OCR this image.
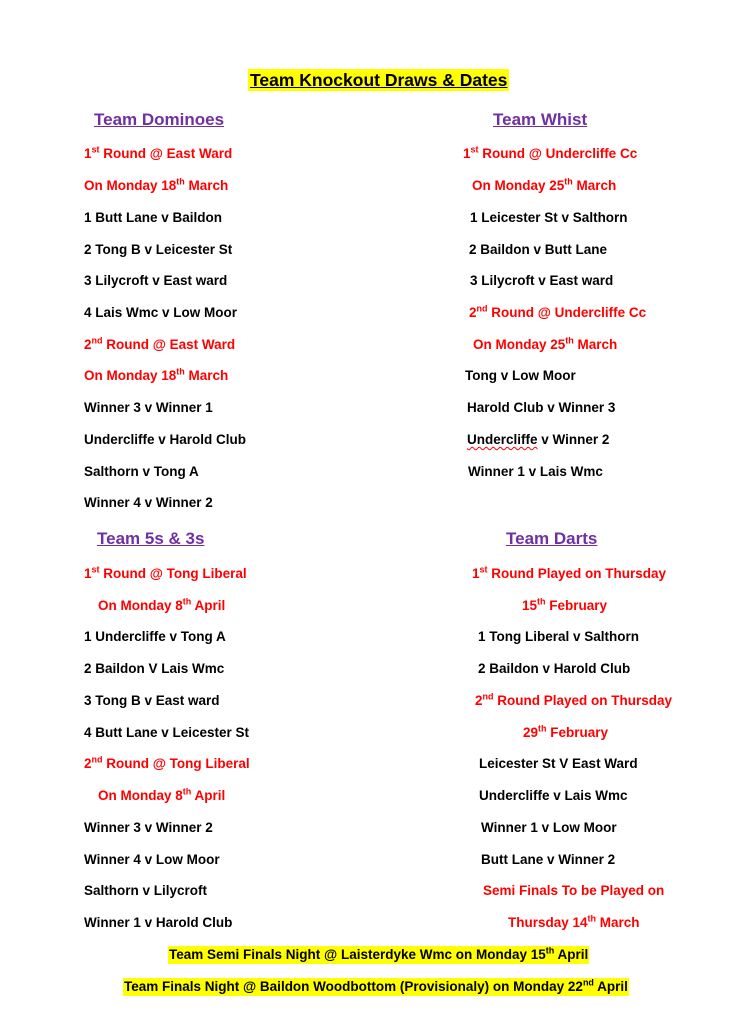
Team Knockout Draws & Dates
Team Dominoes
1st Round @ East Ward
On Monday 18th March
1 Butt Lane v Baildon
2 Tong B v Leicester St
3 Lilycroft v East ward
4 Lais Wmc v Low Moor
2nd Round @ East Ward
On Monday 18th March
Winner 3 v Winner 1
Undercliffe v Harold Club
Salthorn v Tong A
Winner 4 v Winner 2
Team Whist
1st Round @ Undercliffe Cc
On Monday 25th March
1 Leicester St v Salthorn
2 Baildon v Butt Lane
3 Lilycroft v East ward
2nd Round @ Undercliffe Cc
On Monday 25th March
Tong v Low Moor
Harold Club v Winner 3
Undercliffe v Winner 2
Winner 1 v Lais Wmc
Team 5s & 3s
1st Round @ Tong Liberal
On Monday 8th April
1 Undercliffe v Tong A
2 Baildon V Lais Wmc
3 Tong B v East ward
4 Butt Lane v Leicester St
2nd Round @ Tong Liberal
On Monday 8th April
Winner 3 v Winner 2
Winner 4 v Low Moor
Salthorn v Lilycroft
Winner 1 v Harold Club
Team Darts
1st Round Played on Thursday
15th February
1 Tong Liberal v Salthorn
2 Baildon v Harold Club
2nd Round Played on Thursday
29th February
Leicester St V East Ward
Undercliffe v Lais Wmc
Winner 1 v Low Moor
Butt Lane v Winner 2
Semi Finals To be Played on
Thursday 14th March
Team Semi Finals Night @ Laisterdyke Wmc on Monday 15th April
Team Finals Night @ Baildon Woodbottom (Provisionaly) on Monday 22nd April
